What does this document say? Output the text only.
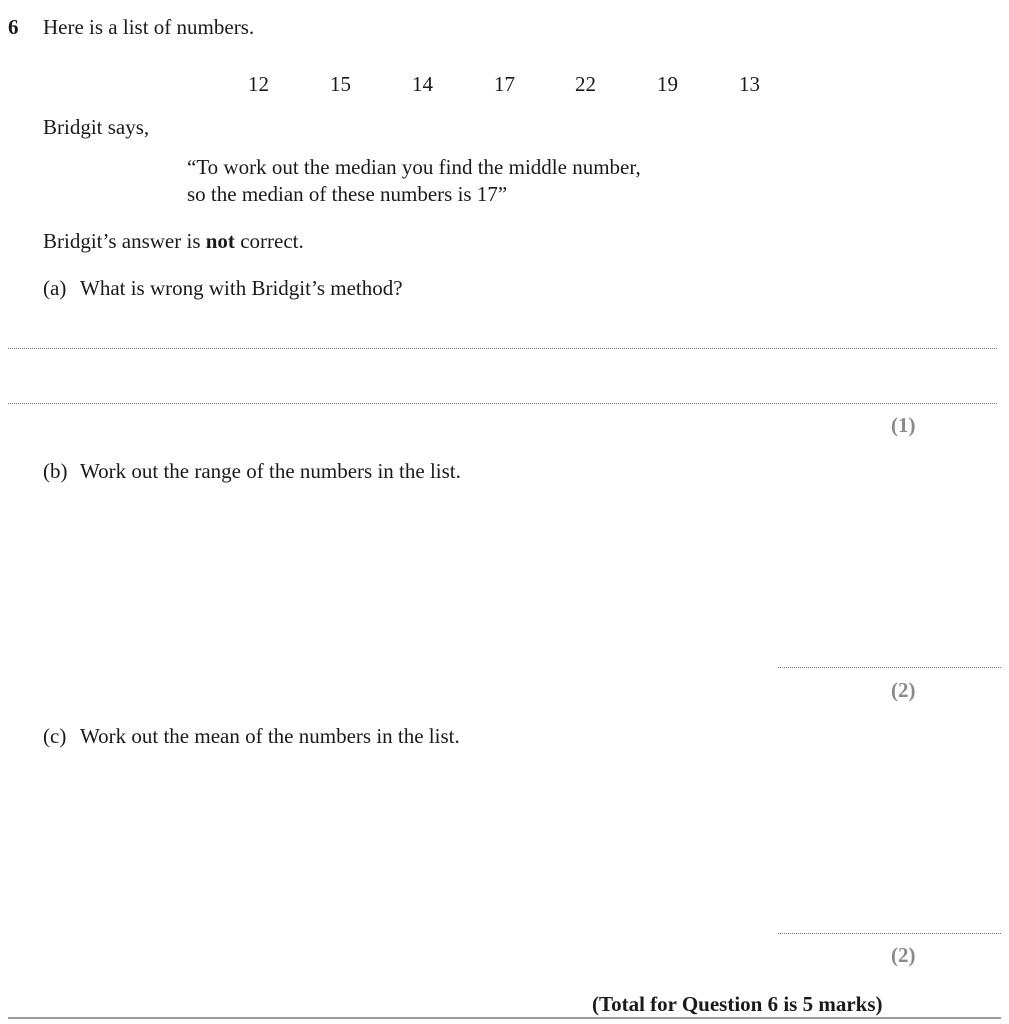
6 Here is a list of numbers.
12	15	14	17	22	19	13
Bridgit says,
“To work out the median you find the middle number,
so the median of these numbers is 17”
Bridgit’s answer is not correct.
(a) What is wrong with Bridgit’s method?
(1)
(b) Work out the range of the numbers in the list.
(2)
(c) Work out the mean of the numbers in the list.
(2)
(Total for Question 6 is 5 marks)
